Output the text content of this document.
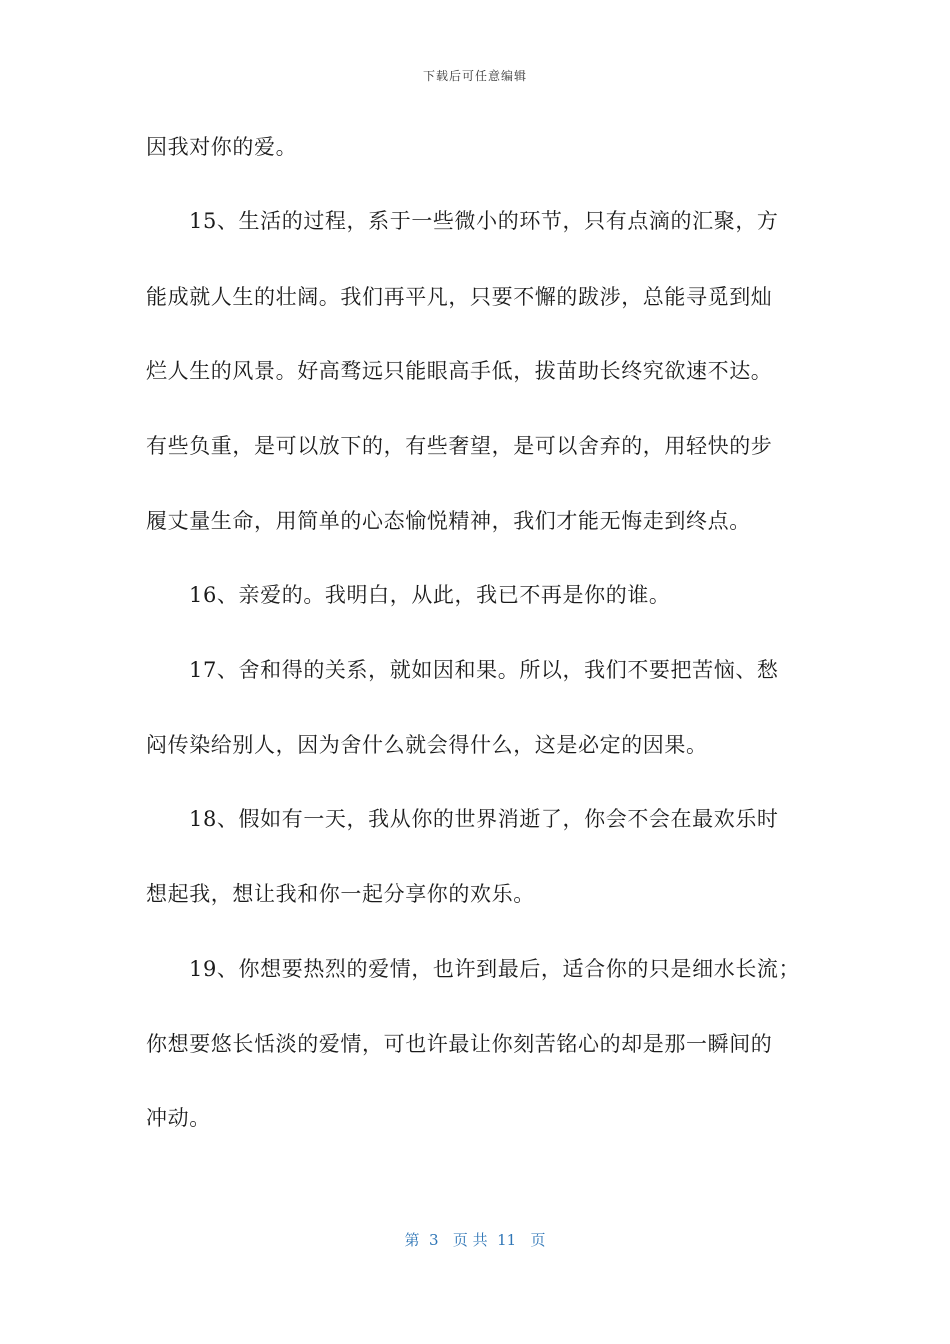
下载后可任意编辑
因我对你的爱。
15、生活的过程，系于一些微小的环节，只有点滴的汇聚，方
能成就人生的壮阔。我们再平凡，只要不懈的跋涉，总能寻觅到灿
烂人生的风景。好高骛远只能眼高手低，拔苗助长终究欲速不达。
有些负重，是可以放下的，有些奢望，是可以舍弃的，用轻快的步
履丈量生命，用简单的心态愉悦精神，我们才能无悔走到终点。
16、亲爱的。我明白，从此，我已不再是你的谁。
17、舍和得的关系，就如因和果。所以，我们不要把苦恼、愁
闷传染给别人，因为舍什么就会得什么，这是必定的因果。
18、假如有一天，我从你的世界消逝了，你会不会在最欢乐时
想起我，想让我和你一起分享你的欢乐。
19、你想要热烈的爱情，也许到最后，适合你的只是细水长流；
你想要悠长恬淡的爱情，可也许最让你刻苦铭心的却是那一瞬间的
冲动。
第  3   页 共  11   页
